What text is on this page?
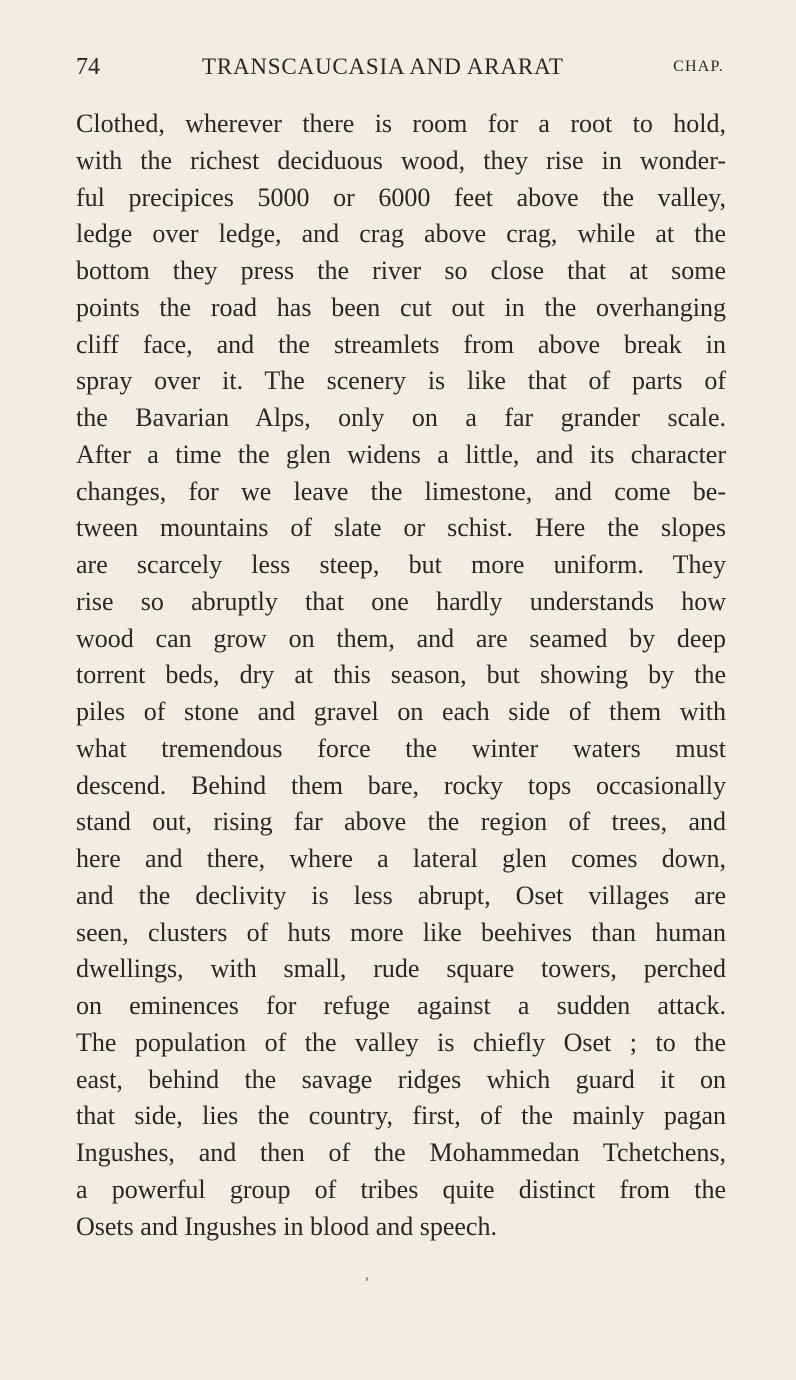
74	TRANSCAUCASIA AND ARARAT	CHAP.
Clothed, wherever there is room for a root to hold,
with the richest deciduous wood, they rise in wonder-
ful precipices 5000 or 6000 feet above the valley,
ledge over ledge, and crag above crag, while at the
bottom they press the river so close that at some
points the road has been cut out in the overhanging
cliff face, and the streamlets from above break in
spray over it. The scenery is like that of parts of
the Bavarian Alps, only on a far grander scale.
After a time the glen widens a little, and its character
changes, for we leave the limestone, and come be-
tween mountains of slate or schist. Here the slopes
are scarcely less steep, but more uniform. They
rise so abruptly that one hardly understands how
wood can grow on them, and are seamed by deep
torrent beds, dry at this season, but showing by the
piles of stone and gravel on each side of them with
what tremendous force the winter waters must
descend. Behind them bare, rocky tops occasionally
stand out, rising far above the region of trees, and
here and there, where a lateral glen comes down,
and the declivity is less abrupt, Oset villages are
seen, clusters of huts more like beehives than human
dwellings, with small, rude square towers, perched
on eminences for refuge against a sudden attack.
The population of the valley is chiefly Oset ; to the
east, behind the savage ridges which guard it on
that side, lies the country, first, of the mainly pagan
Ingushes, and then of the Mohammedan Tchetchens,
a powerful group of tribes quite distinct from the
Osets and Ingushes in blood and speech.
